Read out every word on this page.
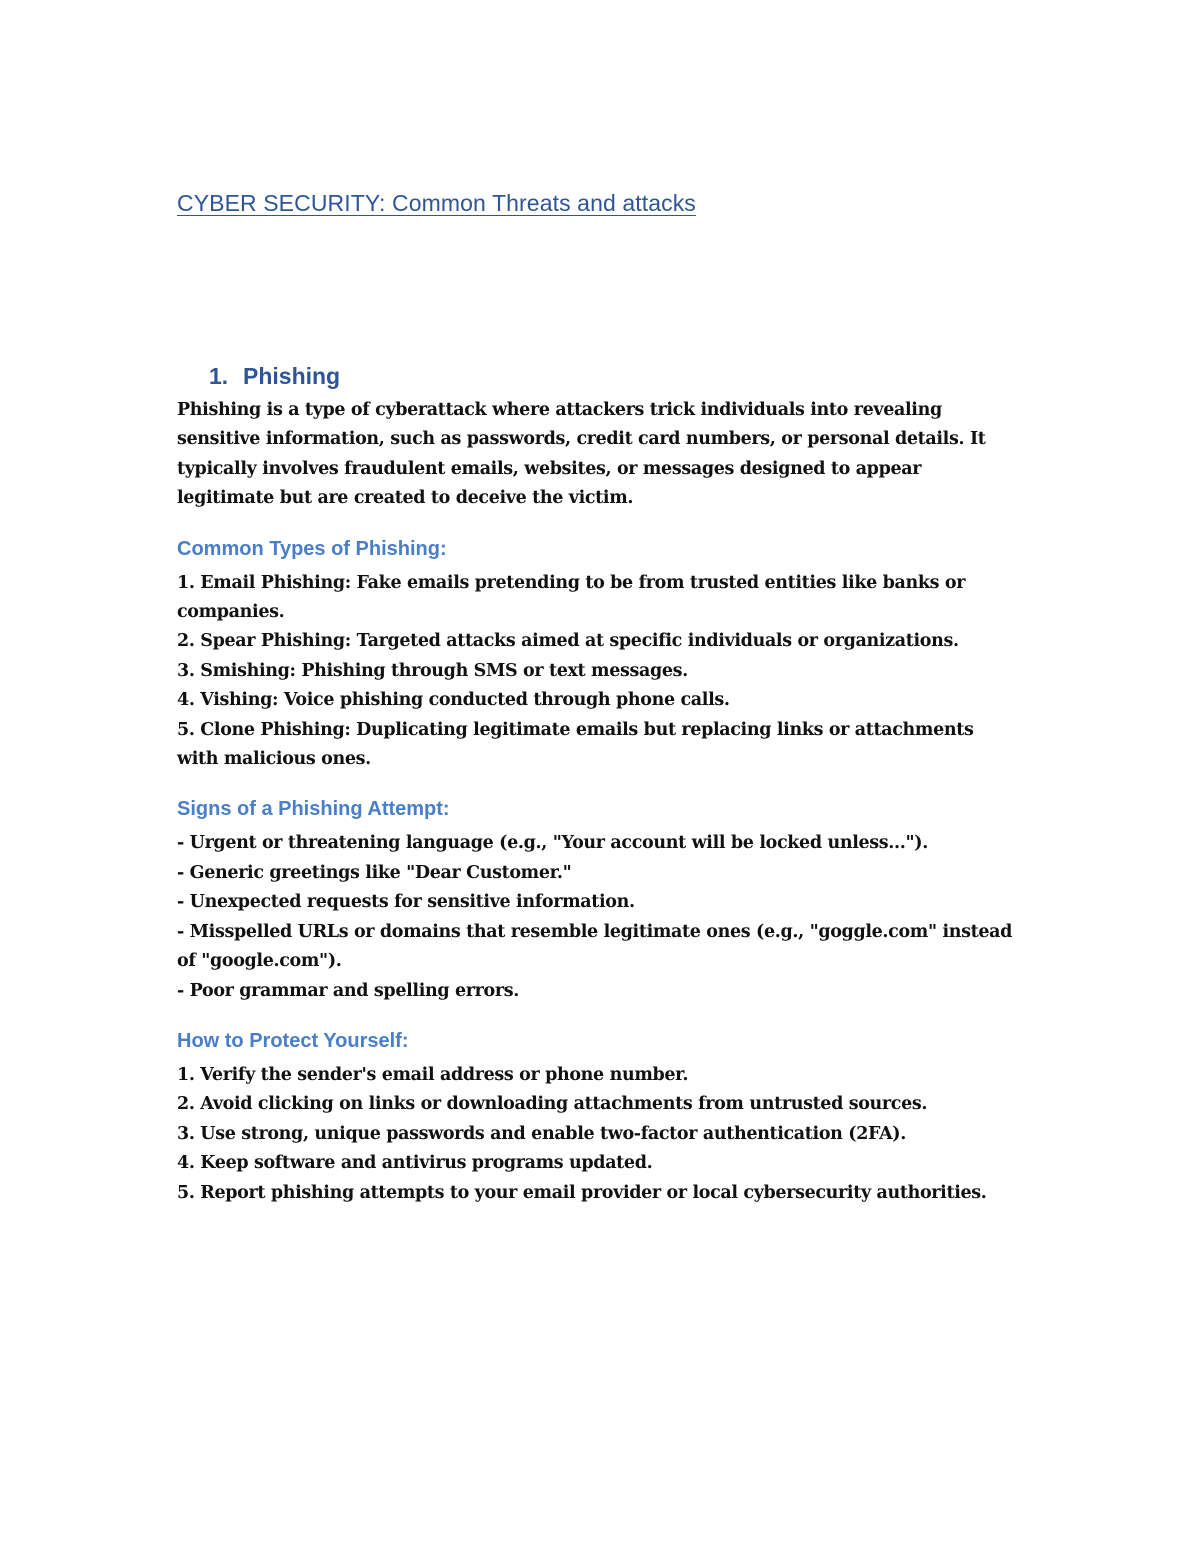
CYBER SECURITY: Common Threats and attacks
1. Phishing

Phishing is a type of cyberattack where attackers trick individuals into revealing sensitive information, such as passwords, credit card numbers, or personal details. It typically involves fraudulent emails, websites, or messages designed to appear legitimate but are created to deceive the victim.

Common Types of Phishing:
1. Email Phishing: Fake emails pretending to be from trusted entities like banks or companies.
2. Spear Phishing: Targeted attacks aimed at specific individuals or organizations.
3. Smishing: Phishing through SMS or text messages.
4. Vishing: Voice phishing conducted through phone calls.
5. Clone Phishing: Duplicating legitimate emails but replacing links or attachments with malicious ones.
Signs of a Phishing Attempt:
- Urgent or threatening language (e.g., "Your account will be locked unless...").
- Generic greetings like "Dear Customer."
- Unexpected requests for sensitive information.
- Misspelled URLs or domains that resemble legitimate ones (e.g., "goggle.com" instead of "google.com").
- Poor grammar and spelling errors.
How to Protect Yourself:
1. Verify the sender's email address or phone number.
2. Avoid clicking on links or downloading attachments from untrusted sources.
3. Use strong, unique passwords and enable two-factor authentication (2FA).
4. Keep software and antivirus programs updated.
5. Report phishing attempts to your email provider or local cybersecurity authorities.
